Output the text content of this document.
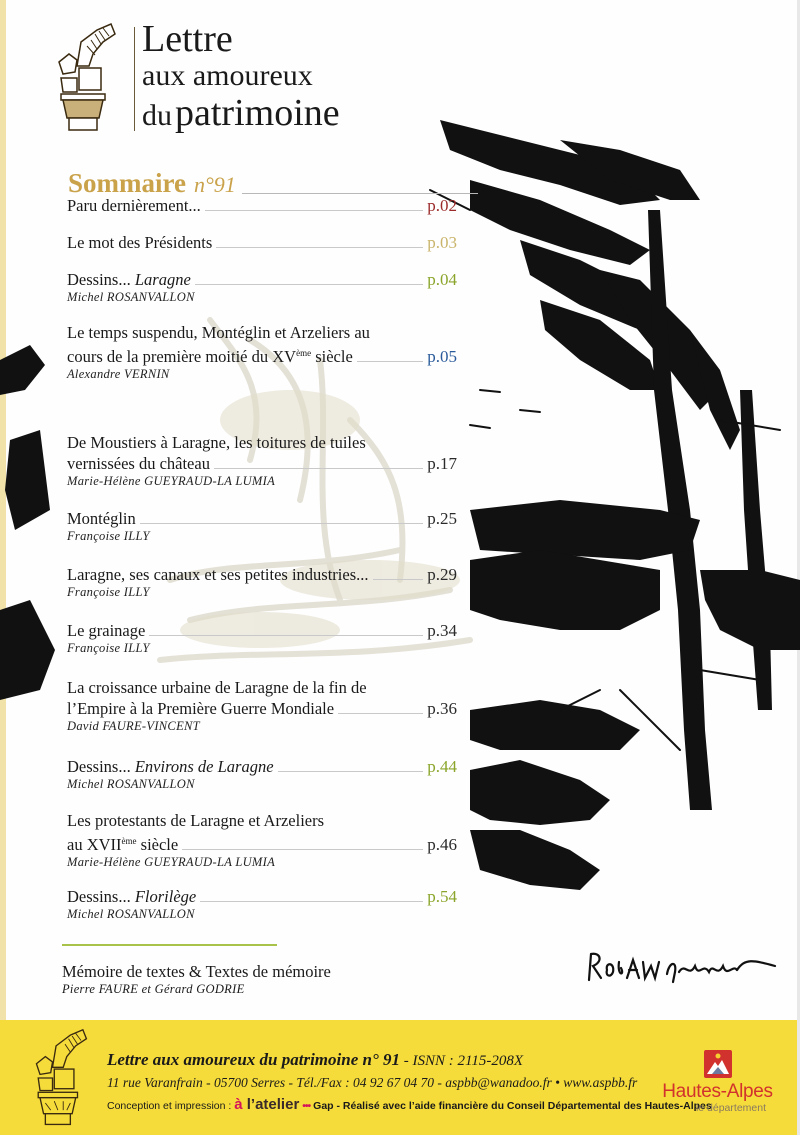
Lettre
aux amoureux
dupatrimoine
Sommaire n°91
Paru dernièrement...	p.02
Le mot des Présidents	p.03
Dessins... Laragne	p.04
Michel ROSANVALLON
Le temps suspendu, Montéglin et Arzeliers au
cours de la première moitié du XVème siècle	p.05
Alexandre VERNIN
De Moustiers à Laragne, les toitures de tuiles
vernissées du château	p.17
Marie-Hélène GUEYRAUD-LA LUMIA
Montéglin	p.25
Françoise ILLY
Laragne, ses canaux et ses petites industries...	p.29
Françoise ILLY
Le grainage	p.34
Françoise ILLY
La croissance urbaine de Laragne de la fin de
l’Empire à la Première Guerre Mondiale	p.36
David FAURE-VINCENT
Dessins... Environs de Laragne	p.44
Michel ROSANVALLON
Les protestants de Laragne et Arzeliers
au XVIIème siècle	p.46
Marie-Hélène GUEYRAUD-LA LUMIA
Dessins... Florilège	p.54
Michel ROSANVALLON
Mémoire de textes & Textes de mémoire
Pierre FAURE et Gérard GODRIE
Lettre aux amoureux du patrimoine n° 91 - ISNN : 2115-208X
11 rue Varanfrain - 05700 Serres - Tél./Fax : 04 92 67 04 70 - aspbb@wanadoo.fr • www.aspbb.fr
Conception et impression : à l’atelier ••• Gap - Réalisé avec l’aide financière du Conseil Départemental des Hautes-Alpes
Hautes-Alpes
le département
